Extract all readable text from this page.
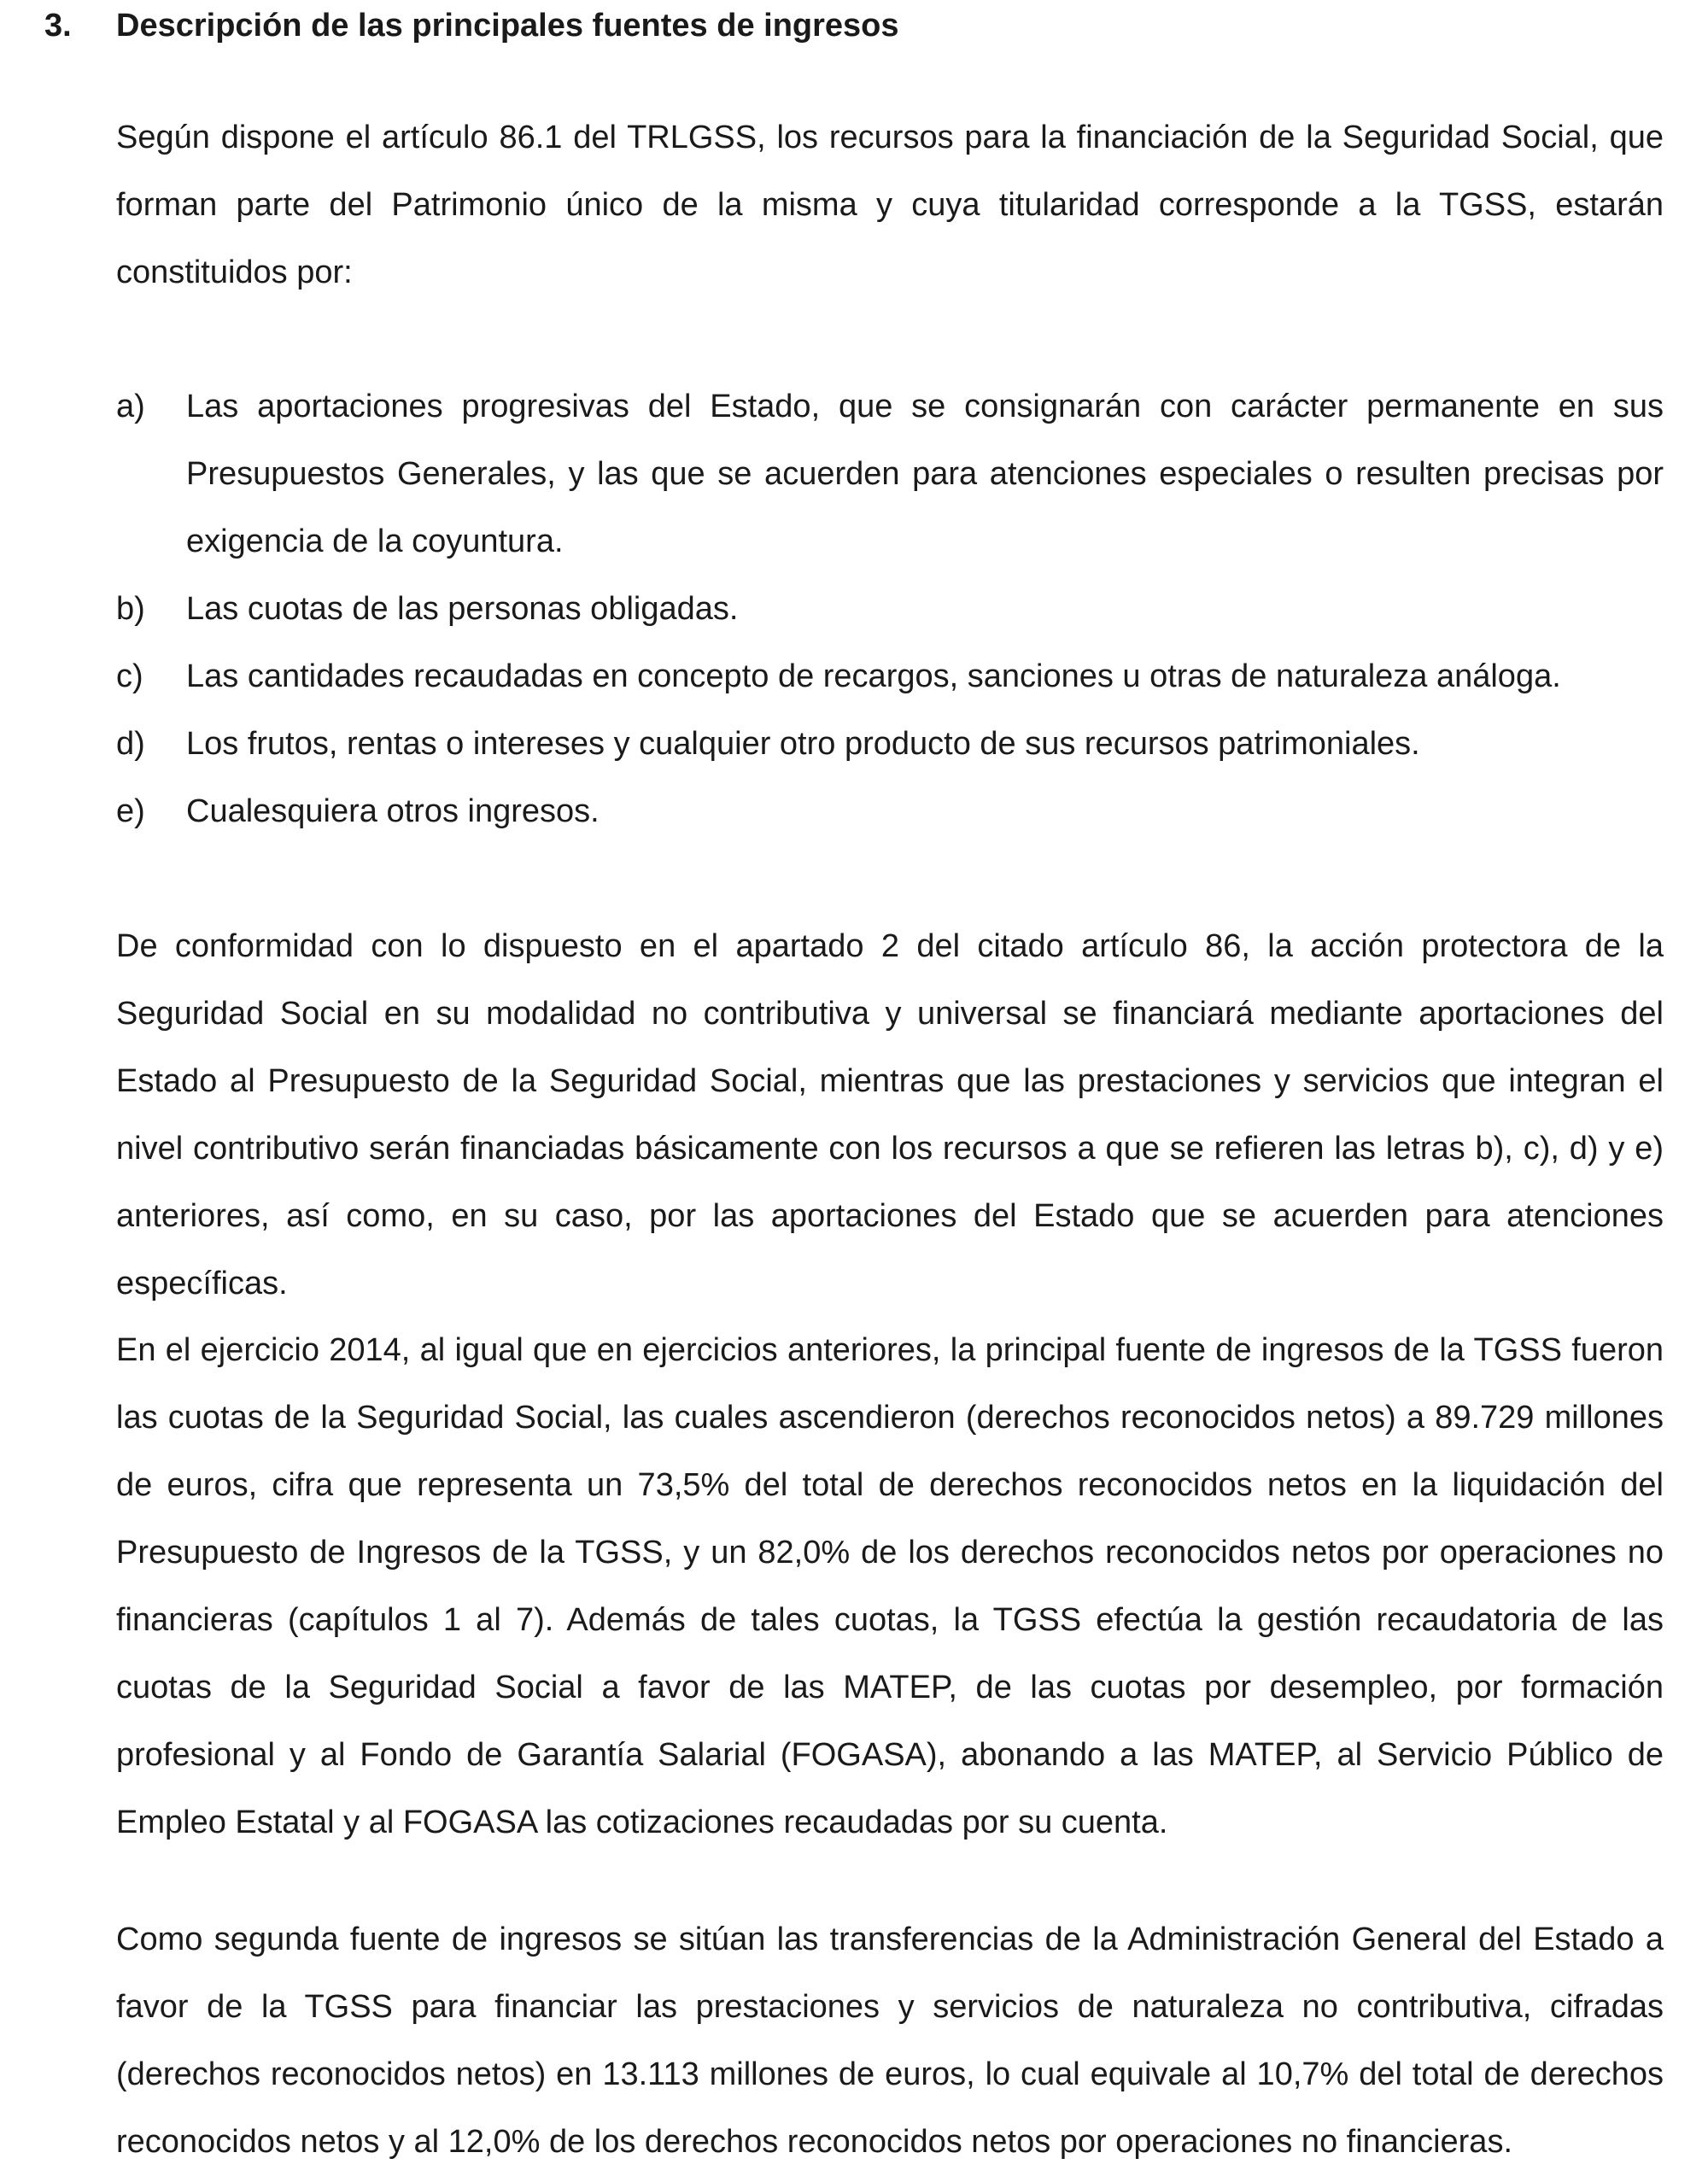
3. Descripción de las principales fuentes de ingresos

Según dispone el artículo 86.1 del TRLGSS, los recursos para la financiación de la Seguridad Social, que forman parte del Patrimonio único de la misma y cuya titularidad corresponde a la TGSS, estarán constituidos por:

a) Las aportaciones progresivas del Estado, que se consignarán con carácter permanente en sus Presupuestos Generales, y las que se acuerden para atenciones especiales o resulten precisas por exigencia de la coyuntura.
b) Las cuotas de las personas obligadas.
c) Las cantidades recaudadas en concepto de recargos, sanciones u otras de naturaleza análoga.
d) Los frutos, rentas o intereses y cualquier otro producto de sus recursos patrimoniales.
e) Cualesquiera otros ingresos.

De conformidad con lo dispuesto en el apartado 2 del citado artículo 86, la acción protectora de la Seguridad Social en su modalidad no contributiva y universal se financiará mediante aportaciones del Estado al Presupuesto de la Seguridad Social, mientras que las prestaciones y servicios que integran el nivel contributivo serán financiadas básicamente con los recursos a que se refieren las letras b), c), d) y e) anteriores, así como, en su caso, por las aportaciones del Estado que se acuerden para atenciones específicas.

En el ejercicio 2014, al igual que en ejercicios anteriores, la principal fuente de ingresos de la TGSS fueron las cuotas de la Seguridad Social, las cuales ascendieron (derechos reconocidos netos) a 89.729 millones de euros, cifra que representa un 73,5% del total de derechos reconocidos netos en la liquidación del Presupuesto de Ingresos de la TGSS, y un 82,0% de los derechos reconocidos netos por operaciones no financieras (capítulos 1 al 7). Además de tales cuotas, la TGSS efectúa la gestión recaudatoria de las cuotas de la Seguridad Social a favor de las MATEP, de las cuotas por desempleo, por formación profesional y al Fondo de Garantía Salarial (FOGASA), abonando a las MATEP, al Servicio Público de Empleo Estatal y al FOGASA las cotizaciones recaudadas por su cuenta.

Como segunda fuente de ingresos se sitúan las transferencias de la Administración General del Estado a favor de la TGSS para financiar las prestaciones y servicios de naturaleza no contributiva, cifradas (derechos reconocidos netos) en 13.113 millones de euros, lo cual equivale al 10,7% del total de derechos reconocidos netos y al 12,0% de los derechos reconocidos netos por operaciones no financieras.
